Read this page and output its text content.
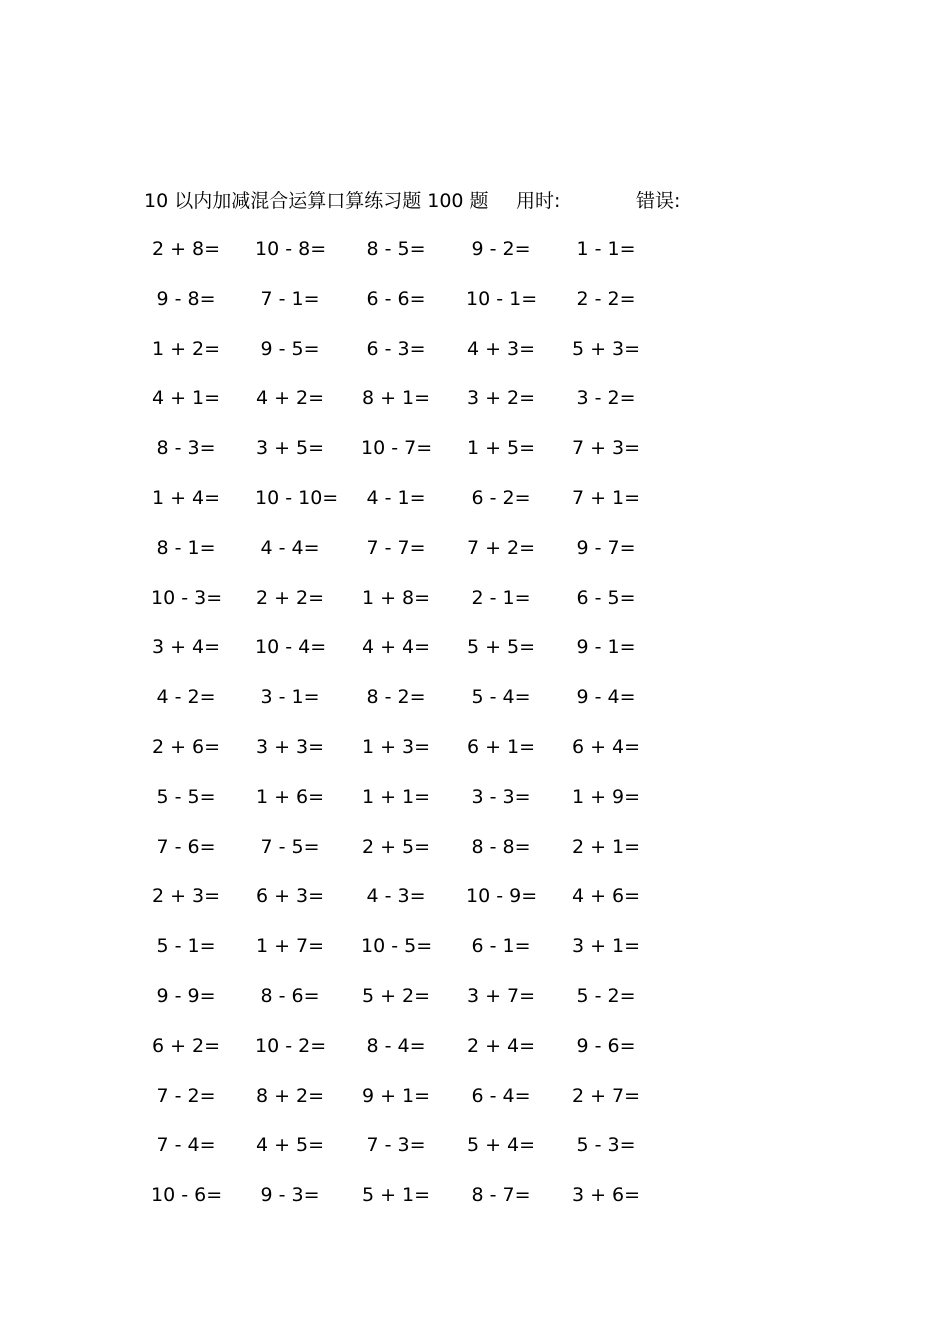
10 以内加减混合运算口算练习题 100 题 用时:	错误:
2 + 8= 10 - 8= 8 - 5= 9 - 2= 1 - 1=
9 - 8= 7 - 1= 6 - 6= 10 - 1= 2 - 2=
1 + 2= 9 - 5= 6 - 3= 4 + 3= 5 + 3=
4 + 1= 4 + 2= 8 + 1= 3 + 2= 3 - 2=
8 - 3= 3 + 5= 10 - 7= 1 + 5= 7 + 3=
1 + 4= 10 - 10= 4 - 1= 6 - 2= 7 + 1=
8 - 1= 4 - 4= 7 - 7= 7 + 2= 9 - 7=
10 - 3= 2 + 2= 1 + 8= 2 - 1= 6 - 5=
3 + 4= 10 - 4= 4 + 4= 5 + 5= 9 - 1=
4 - 2= 3 - 1= 8 - 2= 5 - 4= 9 - 4=
2 + 6= 3 + 3= 1 + 3= 6 + 1= 6 + 4=
5 - 5= 1 + 6= 1 + 1= 3 - 3= 1 + 9=
7 - 6= 7 - 5= 2 + 5= 8 - 8= 2 + 1=
2 + 3= 6 + 3= 4 - 3= 10 - 9= 4 + 6=
5 - 1= 1 + 7= 10 - 5= 6 - 1= 3 + 1=
9 - 9= 8 - 6= 5 + 2= 3 + 7= 5 - 2=
6 + 2= 10 - 2= 8 - 4= 2 + 4= 9 - 6=
7 - 2= 8 + 2= 9 + 1= 6 - 4= 2 + 7=
7 - 4= 4 + 5= 7 - 3= 5 + 4= 5 - 3=
10 - 6= 9 - 3= 5 + 1= 8 - 7= 3 + 6=
